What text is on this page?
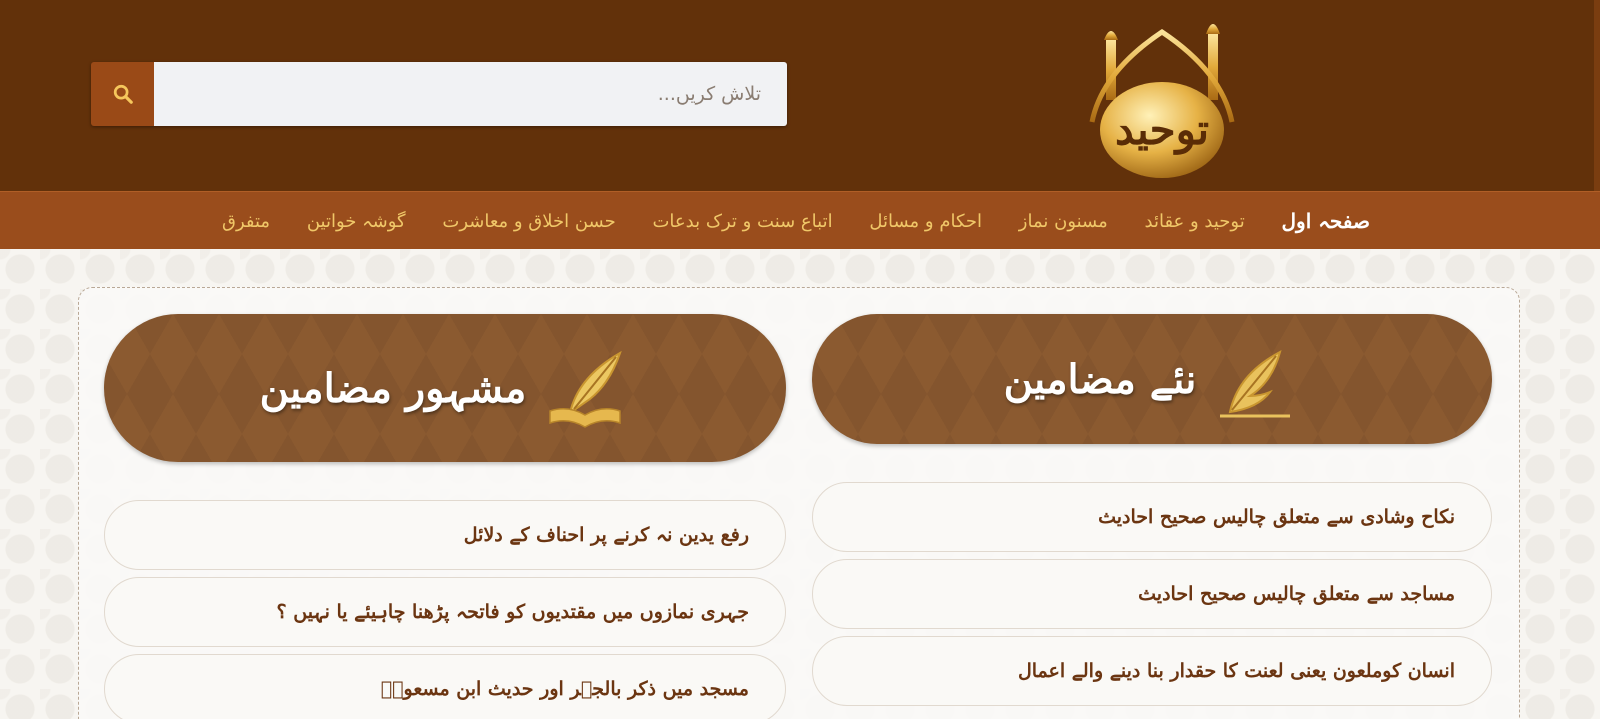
تلاش کریں...
توحید
صفحہ اول
توحید و عقائد
مسنون نماز
احکام و مسائل
اتباع سنت و ترک بدعات
حسن اخلاق و معاشرت
گوشہ خواتین
متفرق
نئے مضامین
مشہور مضامین
نکاح وشادی سے متعلق چالیس صحیح احادیث
مساجد سے متعلق چالیس صحیح احادیث
انسان کوملعون یعنی لعنت کا حقدار بنا دینے والے اعمال
رفع یدین نہ کرنے پر احناف کے دلائل
جہری نمازوں میں مقتدیوں کو فاتحہ پڑھنا چاہیئے یا نہیں ؟
مسجد میں ذکر بالجہر اور حدیث ابن مسعودؓ
